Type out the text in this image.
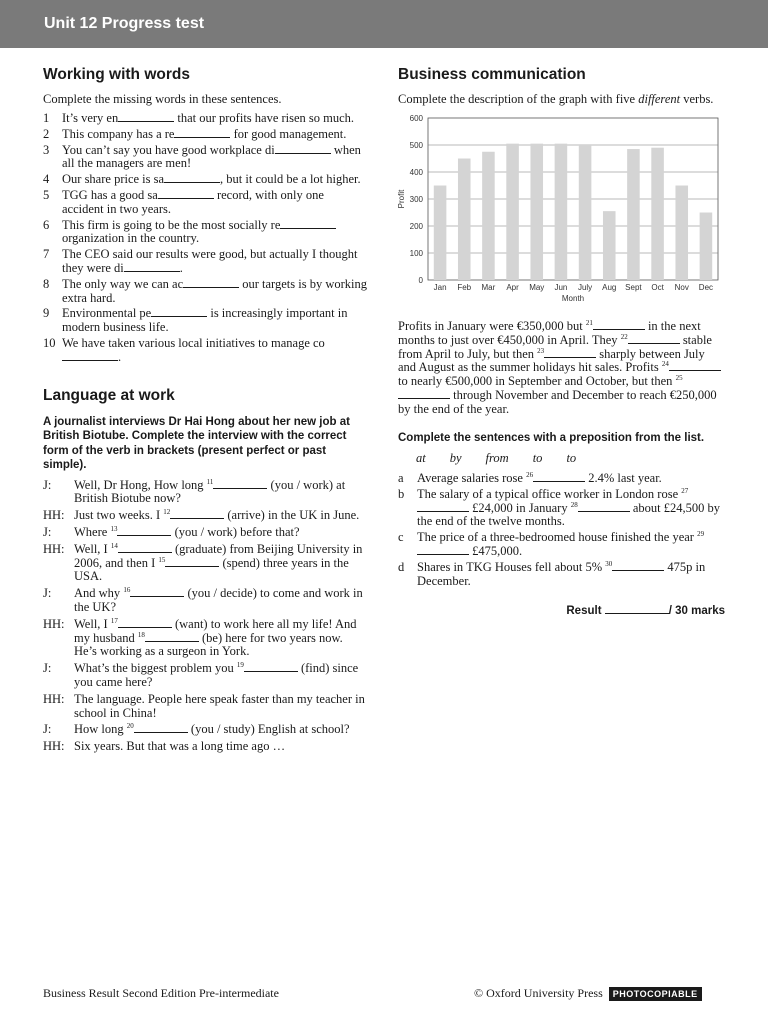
Unit 12 Progress test
Working with words
Complete the missing words in these sentences.
1	It’s very en	that our profits have risen so much.
2	This company has a re	for good management.
3	You can’t say you have good workplace di	when all the managers are men!
4	Our share price is sa	, but it could be a lot higher.
5	TGG has a good sa	record, with only one accident in two years.
6	This firm is going to be the most socially re organization in the country.
7	The CEO said our results were good, but actually I thought they were di	.
8	The only way we can ac	our targets is by working extra hard.
9	Environmental pe	is increasingly important in modern business life.
10 We have taken various local initiatives to manage co.
Language at work
A journalist interviews Dr Hai Hong about her new job at British Biotube. Complete the interview with the correct form of the verb in brackets (present perfect or past simple).
J:	Well, Dr Hong, How long $^{11}$	(you / work) at British Biotube now?
HH: Just two weeks. I $^{12}$	(arrive) in the UK in June.
J:	Where $^{13}$	(you / work) before that?
HH: Well, I $^{14}$	(graduate) from Beijing University in 2006, and then I $^{15}$	(spend) three years in the USA.
J:	And why $^{16}$	(you / decide) to come and work in the UK?
HH: Well, I $^{17}$	(want) to work here all my life! And my husband $^{18}$	(be) here for two years now. He’s working as a surgeon in York.
J:	What’s the biggest problem you $^{19}$	(find) since you came here?
HH: The language. People here speak faster than my teacher in school in China!
J:	How long $^{20}$	(you / study) English at school?
HH: Six years. But that was a long time ago …
Business communication
Complete the description of the graph with five different verbs.
0
100
200
300
400
500
600
Jan Feb Mar Apr May Jun July Aug Sept Oct Nov Dec
Month
Profit
Profits in January were €350,000 but $^{21}$	in the next months to just over €450,000 in April. They $^{22}$	stable from April to July, but then $^{23}$	sharply between July and August as the summer holidays hit sales. Profits $^{24}$ to nearly €500,000 in September and October, but then $^{25}$ through November and December to reach €250,000 by the end of the year.
Complete the sentences with a preposition from the list.
at by from to to
a	Average salaries rose $^{26}$	2.4% last year.
b	The salary of a typical office worker in London rose $^{27}$ £24,000 in January $^{28}$	about £24,500 by the end of the twelve months.
c	The price of a three-bedroomed house finished the year $^{29}$ £475,000.
d	Shares in TKG Houses fell about 5% $^{30}$	475p in December.
Result	/ 30 marks
Business Result Second Edition Pre-intermediate	© Oxford University Press	PHOTOCOPIABLE
